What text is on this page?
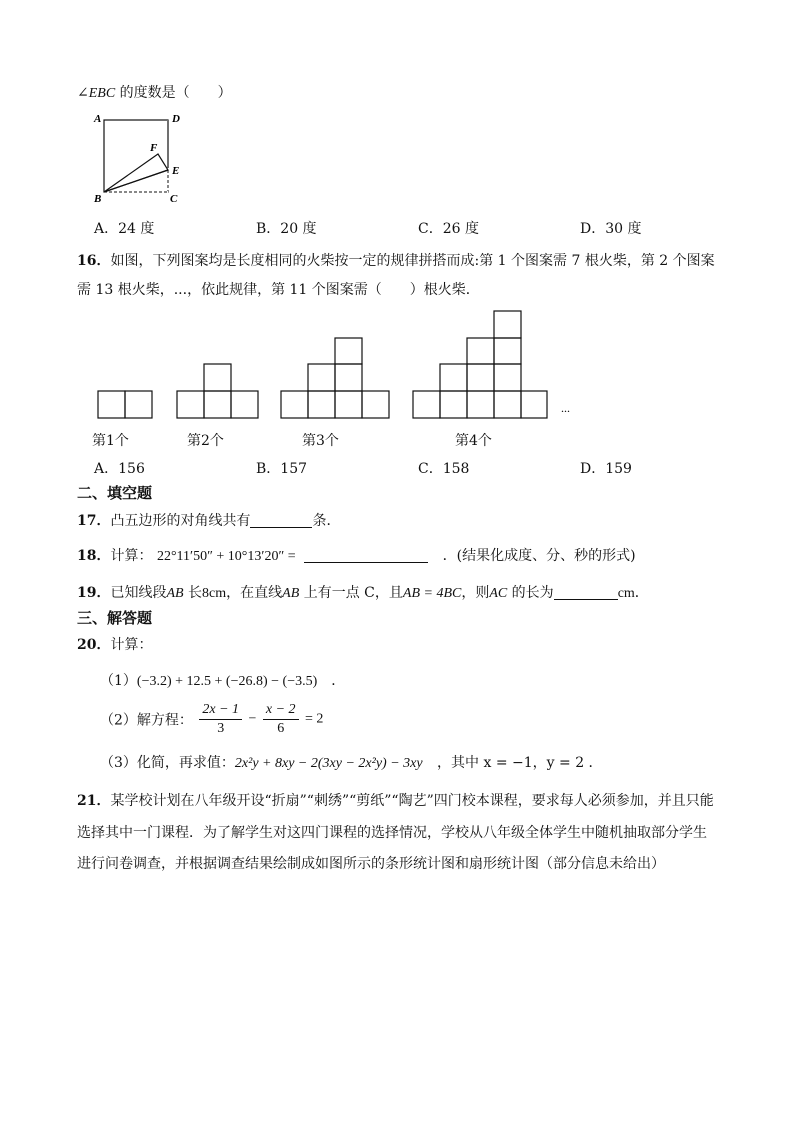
∠EBC 的度数是（　　）
A	D
F
E
B	C
A．24 度	B．20 度	C．26 度	D．30 度
16．如图，下列图案均是长度相同的火柴按一定的规律拼搭而成:第 1 个图案需 7 根火柴，第 2 个图案
需 13 根火柴，...，依此规律，第 11 个图案需（　　）根火柴．
...
第1个	第2个	第3个	第4个
A．156	B．157	C．158	D．159
二、填空题
17．凸五边形的对角线共有	条．
18．计算： 22°11′50″ + 10°13′20″ =	．(结果化成度、分、秒的形式)
19．已知线段AB 长8cm，在直线AB 上有一点 C，且AB = 4BC，则AC 的长为	cm．
三、解答题
20．计算：
（1）(−3.2) + 12.5 + (−26.8) − (−3.5)　．
（2）解方程： $\frac{2x - 1}{3} - \frac{x - 2}{6} = 2$
（3）化简，再求值：2x²y + 8xy − 2(3xy − 2x²y) − 3xy ，其中 x = −1，y = 2 ．
21．某学校计划在八年级开设“折扇”“刺绣”“剪纸”“陶艺”四门校本课程，要求每人必须参加，并且只能
选择其中一门课程．为了解学生对这四门课程的选择情况，学校从八年级全体学生中随机抽取部分学生
进行问卷调查，并根据调查结果绘制成如图所示的条形统计图和扇形统计图（部分信息未给出）
